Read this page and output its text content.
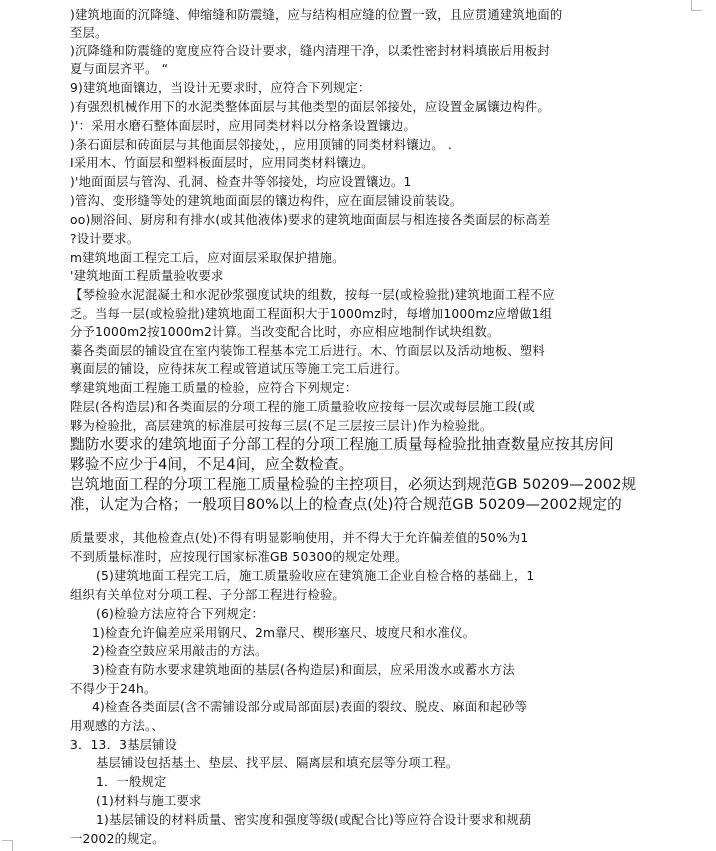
)建筑地面的沉降缝、伸缩缝和防震缝，应与结构相应缝的位置一致，且应贯通建筑地面的
至层。
)沉降缝和防震缝的宽度应符合设计要求，缝内清理干净，以柔性密封材料填嵌后用板封
夏与面层齐平。 “
9)建筑地面镶边，当设计无要求时，应符合下列规定：
)有强烈机械作用下的水泥类整体面层与其他类型的面层邻接处，应设置金属镶边构件。
)'：采用水磨石整体面层时，应用同类材料以分格条设置镶边。
)条石面层和砖面层与其他面层邻接处，，应用顶铺的同类材料镶边。 .
I采用木、竹面层和塑料板面层时，应用同类材料镶边。
)'地面面层与管沟、孔洞、检查井等邻接处，均应设置镶边。1
)管沟、变形缝等处的建筑地面面层的镶边构件，应在面层铺设前装设。
oo)厕浴间、厨房和有排水(或其他液体)要求的建筑地面面层与相连接各类面层的标高差
?设计要求。
m建筑地面工程完工后，应对面层采取保护措施。
'建筑地面工程质量验收要求
【琴检验水泥混凝土和水泥砂浆强度试块的组数，按每一层(或检验批)建筑地面工程不应
乏。当每一层(或检验批)建筑地面工程面积大于1000mz时，每增加1000mz应增做1组
分予1000m2按1000m2计算。当改变配合比时，亦应相应地制作试块组数。
蓁各类面层的铺设宜在室内装饰工程基本完工后进行。木、竹面层以及活动地板、塑料
裏面层的铺设，应待抹灰工程或管道试压等施工完工后进行。
孳建筑地面工程施工质量的检验，应符合下列规定：
陛层(各构造层)和各类面层的分项工程的施工质量验收应按每一层次或每层施工段(或
夥为检验批，高层建筑的标准层可按每三层(不足三层按三层计)作为检验批。
黜防水要求的建筑地面子分部工程的分项工程施工质量每检验批抽查数量应按其房间
夥验不应少于4间，不足4间，应全数检查。
岂筑地面工程的分项工程施工质量检验的主控项目，必须达到规范GB 50209—2002规
准，认定为合格；一般项目80%以上的检查点(处)符合规范GB 50209—2002规定的
质量要求，其他检查点(处)不得有明显影响使用，并不得大于允许偏差值的50%为1
不到质量标准时，应按现行国家标准GB 50300的规定处理。
(5)建筑地面工程完工后，施工质量验收应在建筑施工企业自检合格的基础上，1
组织有关单位对分项工程、子分部工程进行检验。
(6)检验方法应符合下列规定：
1)检查允许偏差应采用钢尺、2m靠尺、楔形塞尺、坡度尺和水准仪。
2)检查空鼓应采用敲击的方法。
3)检查有防水要求建筑地面的基层(各构造层)和面层，应采用泼水或蓄水方法
不得少于24h。
4)检查各类面层(含不需铺设部分或局部面层)表面的裂纹、脱皮、麻面和起砂等
用观感的方法。、
3．13．3基层铺设
基层铺设包括基土、垫层、找平层、隔离层和填充层等分项工程。
1．一般规定
(1)材料与施工要求
1)基层铺设的材料质量、密实度和强度等级(或配合比)等应符合设计要求和规葫
一2002的规定。
